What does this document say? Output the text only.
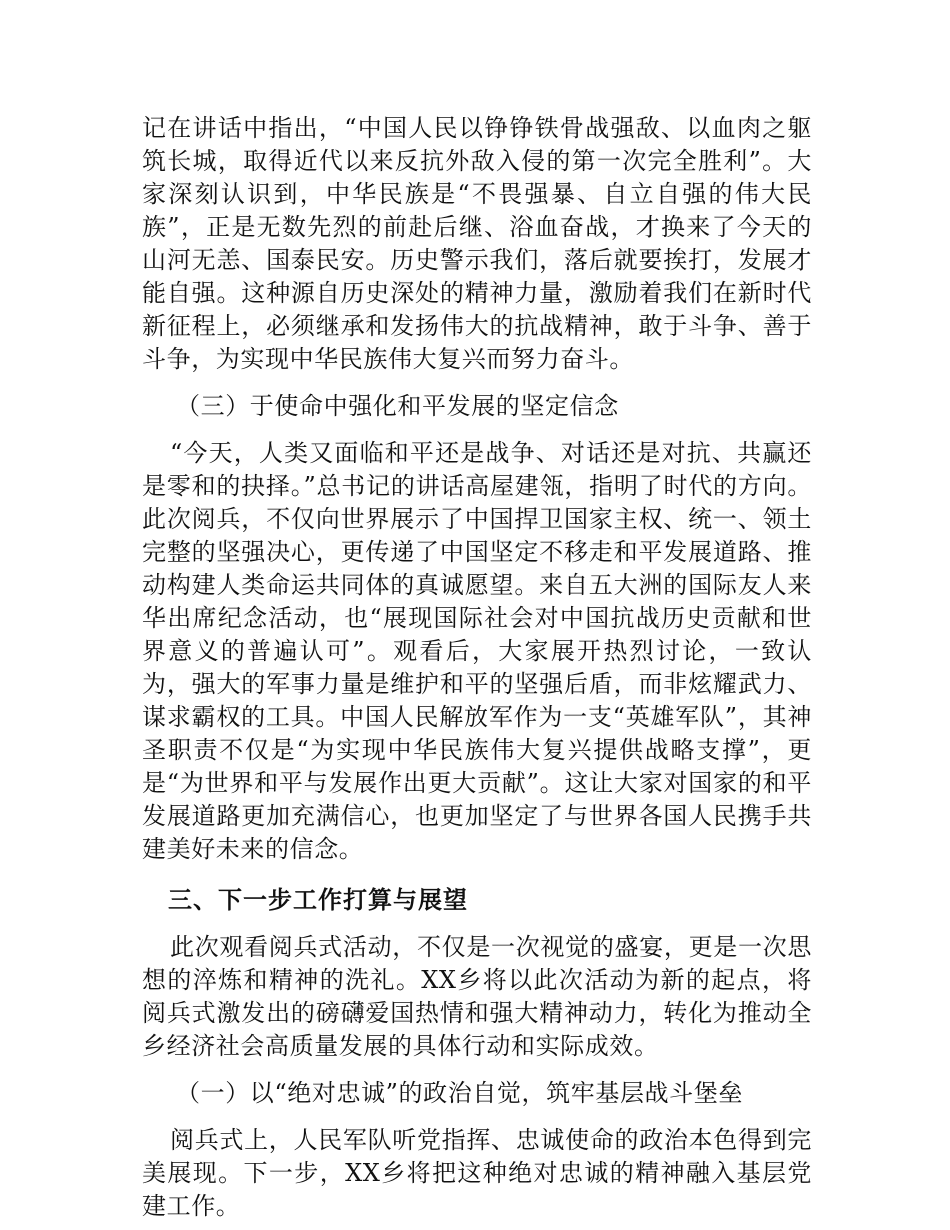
记在讲话中指出，“中国人民以铮铮铁骨战强敌、以血肉之躯筑长城，取得近代以来反抗外敌入侵的第一次完全胜利”。大家深刻认识到，中华民族是“不畏强暴、自立自强的伟大民族”，正是无数先烈的前赴后继、浴血奋战，才换来了今天的山河无恙、国泰民安。历史警示我们，落后就要挨打，发展才能自强。这种源自历史深处的精神力量，激励着我们在新时代新征程上，必须继承和发扬伟大的抗战精神，敢于斗争、善于斗争，为实现中华民族伟大复兴而努力奋斗。

（三）于使命中强化和平发展的坚定信念

“今天，人类又面临和平还是战争、对话还是对抗、共赢还是零和的抉择。”总书记的讲话高屋建瓴，指明了时代的方向。此次阅兵，不仅向世界展示了中国捍卫国家主权、统一、领土完整的坚强决心，更传递了中国坚定不移走和平发展道路、推动构建人类命运共同体的真诚愿望。来自五大洲的国际友人来华出席纪念活动，也“展现国际社会对中国抗战历史贡献和世界意义的普遍认可”。观看后，大家展开热烈讨论，一致认为，强大的军事力量是维护和平的坚强后盾，而非炫耀武力、谋求霸权的工具。中国人民解放军作为一支“英雄军队”，其神圣职责不仅是“为实现中华民族伟大复兴提供战略支撑”，更是“为世界和平与发展作出更大贡献”。这让大家对国家的和平发展道路更加充满信心，也更加坚定了与世界各国人民携手共建美好未来的信念。

三、下一步工作打算与展望

此次观看阅兵式活动，不仅是一次视觉的盛宴，更是一次思想的淬炼和精神的洗礼。XX乡将以此次活动为新的起点，将阅兵式激发出的磅礴爱国热情和强大精神动力，转化为推动全乡经济社会高质量发展的具体行动和实际成效。

（一）以“绝对忠诚”的政治自觉，筑牢基层战斗堡垒

阅兵式上，人民军队听党指挥、忠诚使命的政治本色得到完美展现。下一步，XX乡将把这种绝对忠诚的精神融入基层党建工作。
